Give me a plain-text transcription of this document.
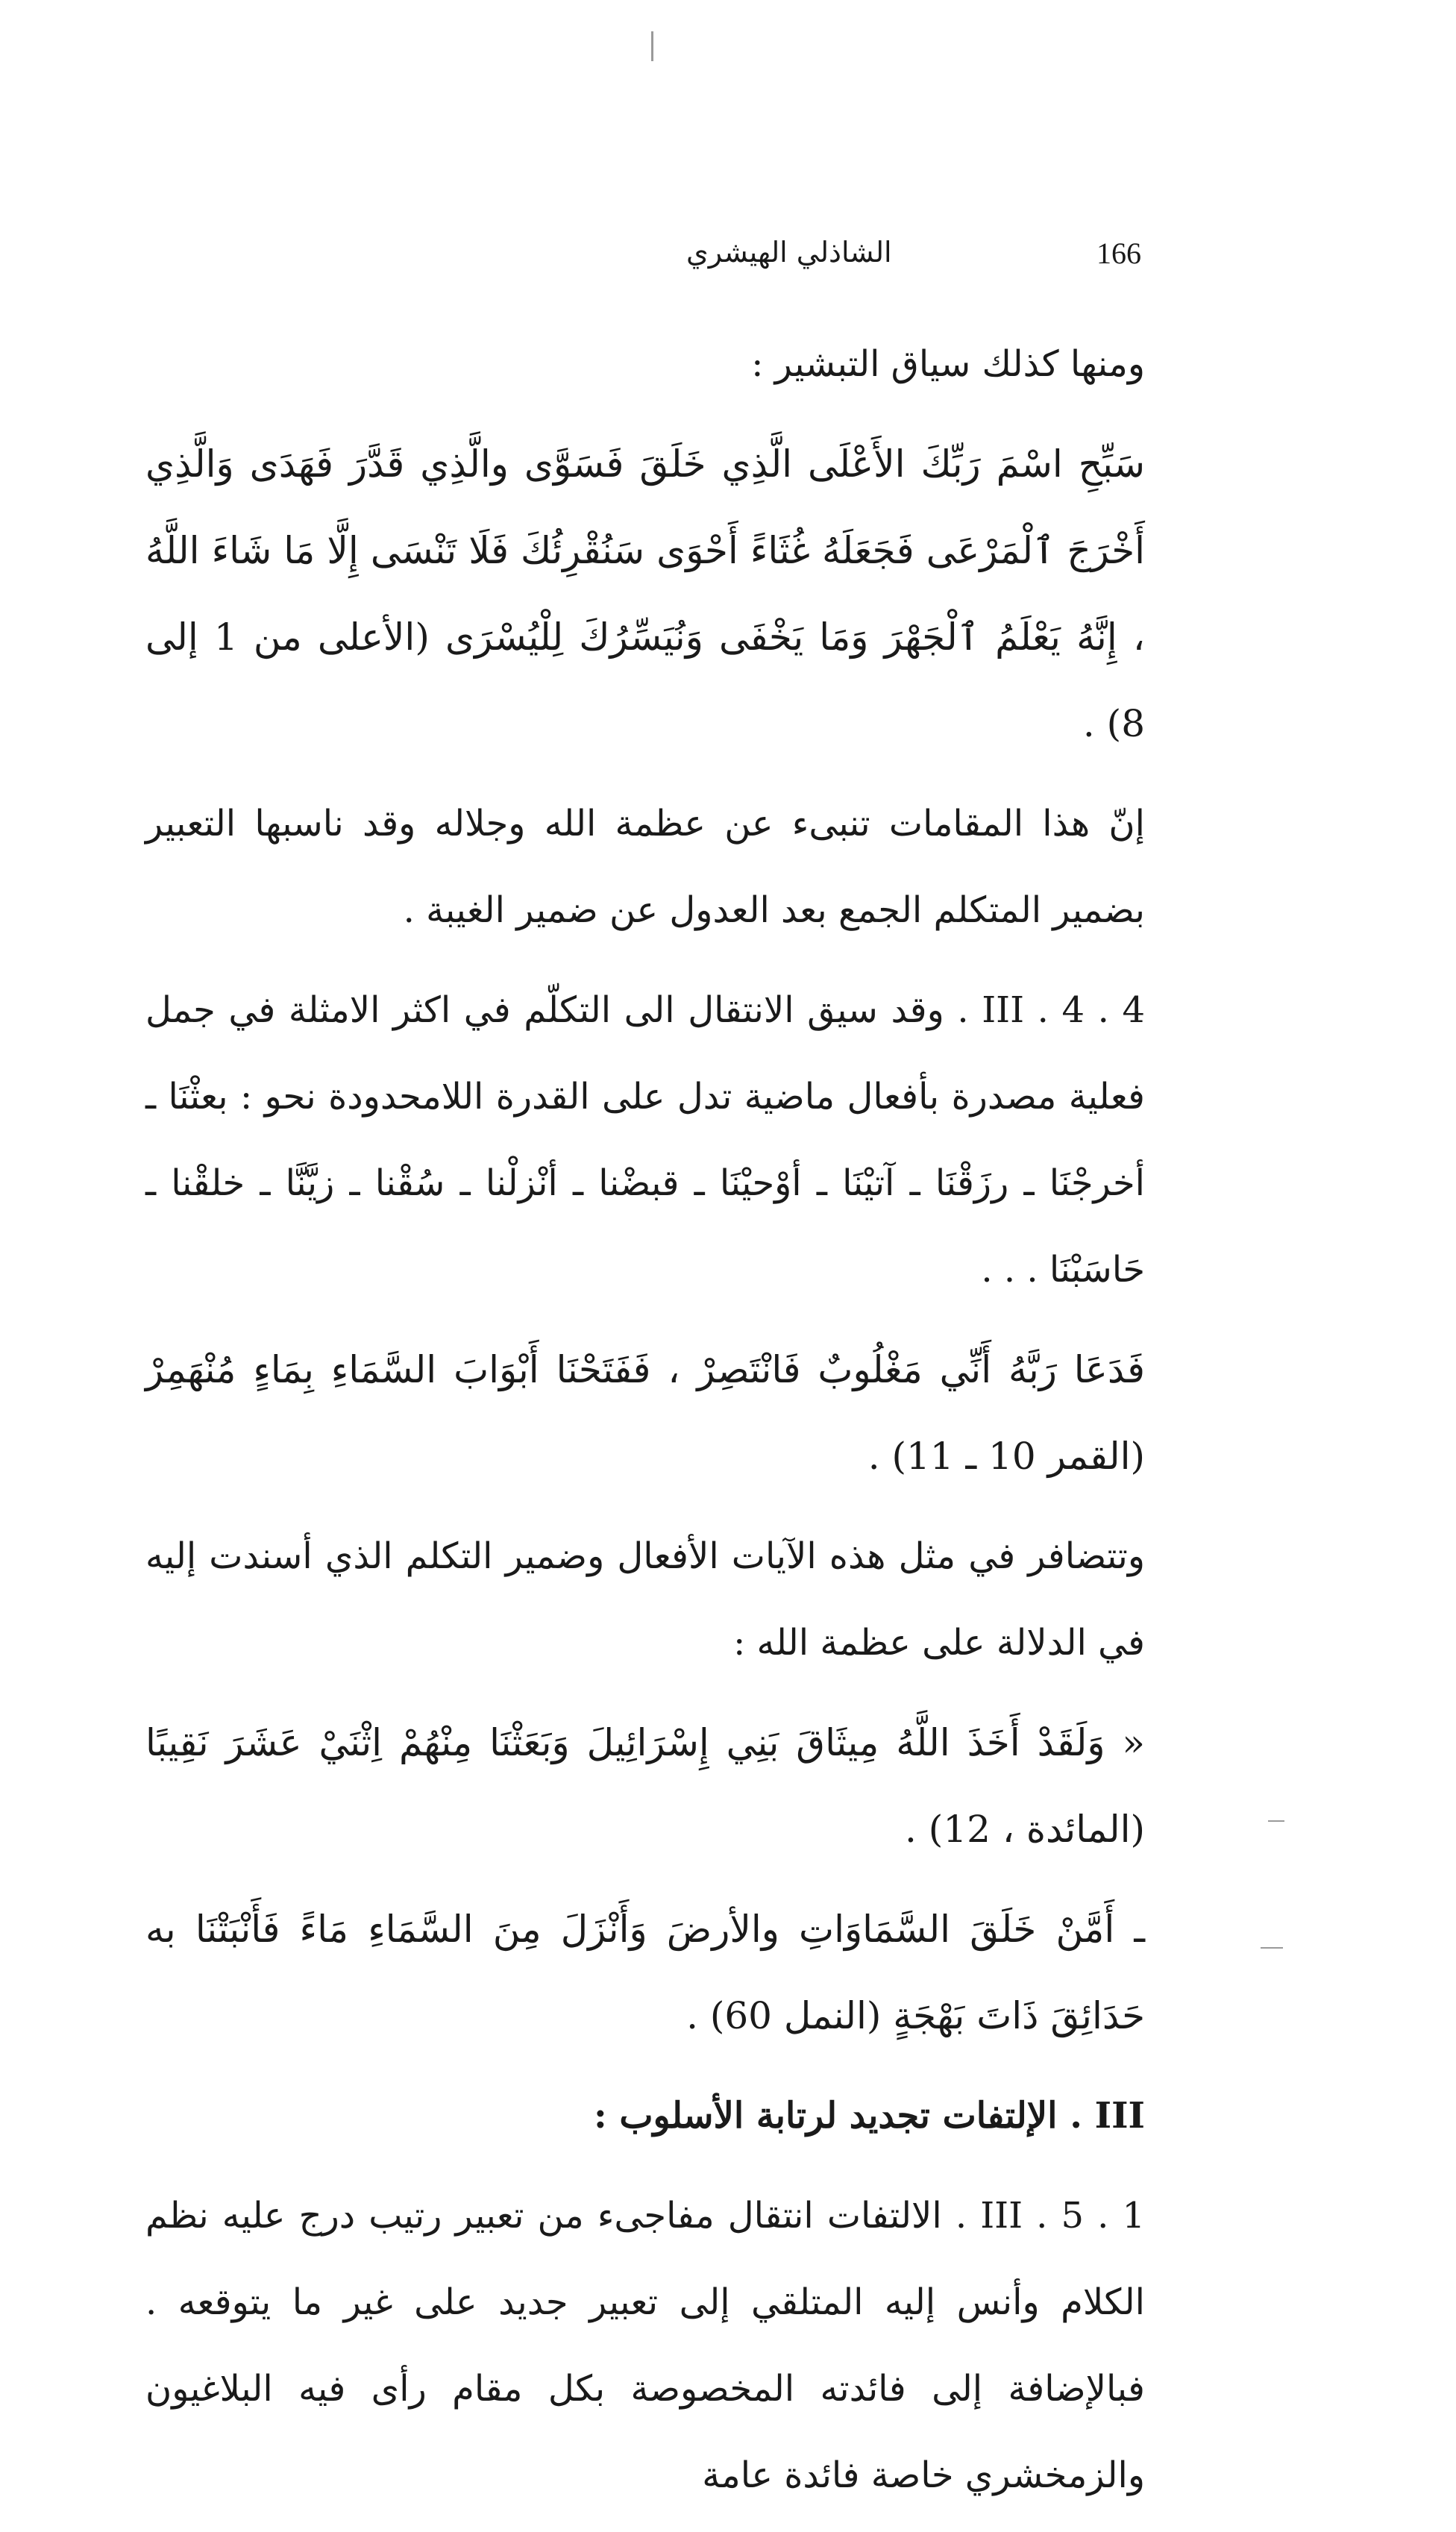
166
الشاذلي الهيشري

ومنها كذلك سياق التبشير :

سَبِّحِ اسْمَ رَبِّكَ الأَعْلَى الَّذِي خَلَقَ فَسَوَّى والَّذِي قَدَّرَ فَهَدَى وَالَّذِي أَخْرَجَ ٱلْمَرْعَى فَجَعَلَهُ غُثَاءً أَحْوَى سَنُقْرِئُكَ فَلَا تَنْسَى إِلَّا مَا شَاءَ اللَّهُ ، إِنَّهُ يَعْلَمُ ٱلْجَهْرَ وَمَا يَخْفَى وَنُيَسِّرُكَ لِلْيُسْرَى (الأعلى من 1 إلى 8) .

إنّ هذا المقامات تنبىء عن عظمة الله وجلاله وقد ناسبها التعبير بضمير المتكلم الجمع بعد العدول عن ضمير الغيبة .

III . 4 . 4 . وقد سيق الانتقال الى التكلّم في اكثر الامثلة في جمل فعلية مصدرة بأفعال ماضية تدل على القدرة اللامحدودة نحو : بعثْنَا ـ أخرجْنَا ـ رزَقْنَا ـ آتيْنَا ـ أوْحيْنَا ـ قبضْنا ـ أنْزلْنا ـ سُقْنا ـ زيَّنَّا ـ خلقْنا ـ حَاسَبْنَا . . .

فَدَعَا رَبَّهُ أَنِّي مَغْلُوبٌ فَانْتَصِرْ ، فَفَتَحْنَا أَبْوَابَ السَّمَاءِ بِمَاءٍ مُنْهَمِرْ (القمر 10 ـ 11) .

وتتضافر في مثل هذه الآيات الأفعال وضمير التكلم الذي أسندت إليه في الدلالة على عظمة الله :

« وَلَقَدْ أَخَذَ اللَّهُ مِيثَاقَ بَنِي إِسْرَائِيلَ وَبَعَثْنَا مِنْهُمْ اِثْنَيْ عَشَرَ نَقِيبًا (المائدة ، 12) .

ـ أَمَّنْ خَلَقَ السَّمَاوَاتِ والأرضَ وَأَنْزَلَ مِنَ السَّمَاءِ مَاءً فَأَنْبَتْنَا به حَدَائِقَ ذَاتَ بَهْجَةٍ (النمل 60) .

III . الإلتفات تجديد لرتابة الأسلوب :

III . 5 . 1 . الالتفات انتقال مفاجىء من تعبير رتيب درج عليه نظم الكلام وأنس إليه المتلقي إلى تعبير جديد على غير ما يتوقعه . فبالإضافة إلى فائدته المخصوصة بكل مقام رأى فيه البلاغيون والزمخشري خاصة فائدة عامة
